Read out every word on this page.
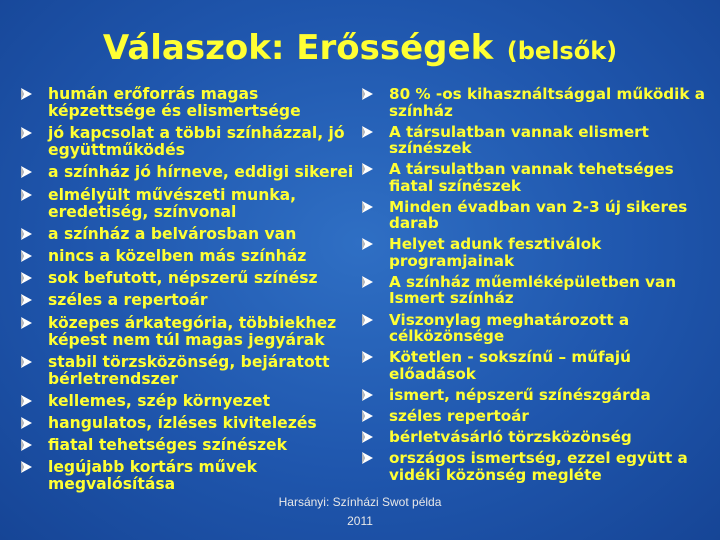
Válaszok: Erősségek (belsők)
humán erőforrás magas képzettsége és elismertsége
jó kapcsolat a többi színházzal, jó együttműködés
a színház jó hírneve, eddigi sikerei
elmélyült művészeti munka, eredetiség, színvonal
a színház a belvárosban van
nincs a közelben más színház
sok befutott, népszerű színész
széles a repertoár
közepes árkategória, többiekhez képest nem túl magas jegyárak
stabil törzsközönség, bejáratott bérletrendszer
kellemes, szép környezet
hangulatos, ízléses kivitelezés
fiatal tehetséges színészek
legújabb kortárs művek megvalósítása
80 % -os kihasználtsággal működik a színház
A társulatban vannak elismert színészek
A társulatban vannak tehetséges fiatal színészek
Minden évadban van 2-3 új sikeres darab
Helyet adunk fesztiválok programjainak
A színház műemléképületben van Ismert színház
Viszonylag meghatározott a célközönsége
Kötetlen - sokszínű – műfajú előadások
ismert, népszerű színészgárda
széles repertoár
bérletvásárló törzsközönség
országos ismertség, ezzel együtt a vidéki közönség megléte
Harsányi: Színházi Swot példa
2011
